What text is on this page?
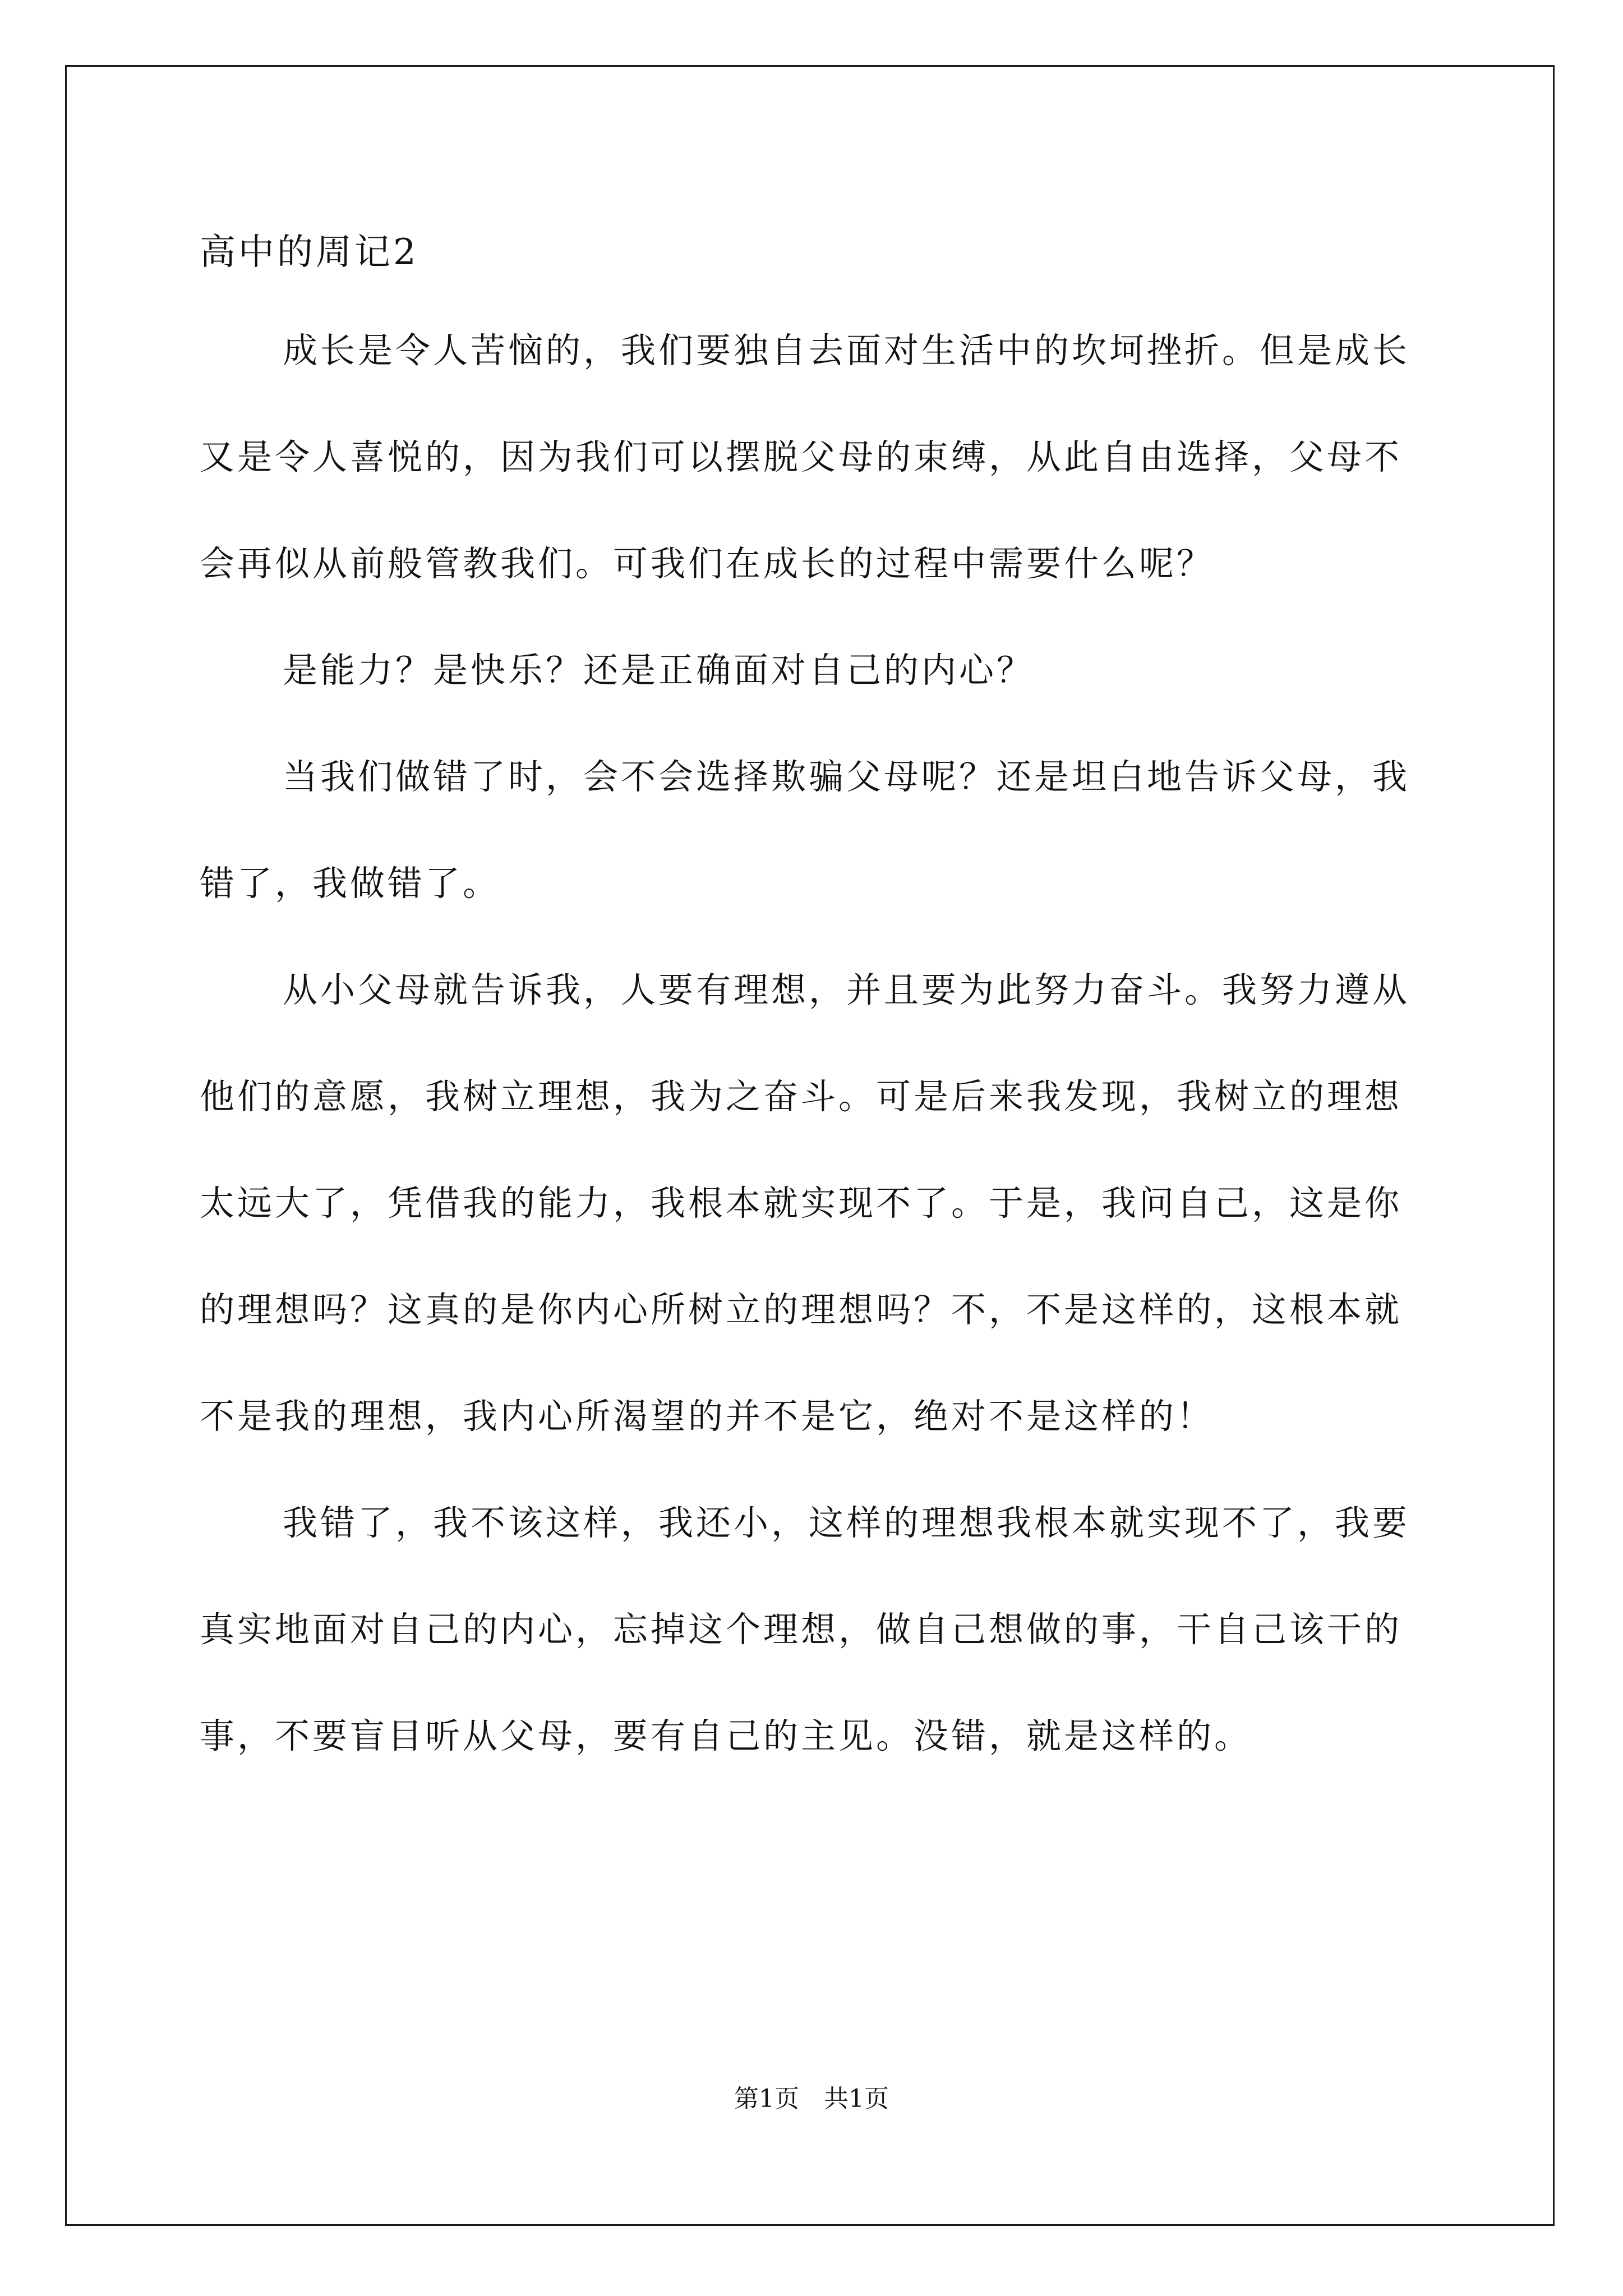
高中的周记2

成长是令人苦恼的，我们要独自去面对生活中的坎坷挫折。但是成长又是令人喜悦的，因为我们可以摆脱父母的束缚，从此自由选择，父母不会再似从前般管教我们。可我们在成长的过程中需要什么呢？

是能力？是快乐？还是正确面对自己的内心？

当我们做错了时，会不会选择欺骗父母呢？还是坦白地告诉父母，我错了，我做错了。

从小父母就告诉我，人要有理想，并且要为此努力奋斗。我努力遵从他们的意愿，我树立理想，我为之奋斗。可是后来我发现，我树立的理想太远大了，凭借我的能力，我根本就实现不了。于是，我问自己，这是你的理想吗？这真的是你内心所树立的理想吗？不，不是这样的，这根本就不是我的理想，我内心所渴望的并不是它，绝对不是这样的！

我错了，我不该这样，我还小，这样的理想我根本就实现不了，我要真实地面对自己的内心，忘掉这个理想，做自己想做的事，干自己该干的事，不要盲目听从父母，要有自己的主见。没错，就是这样的。

第1页 共1页
